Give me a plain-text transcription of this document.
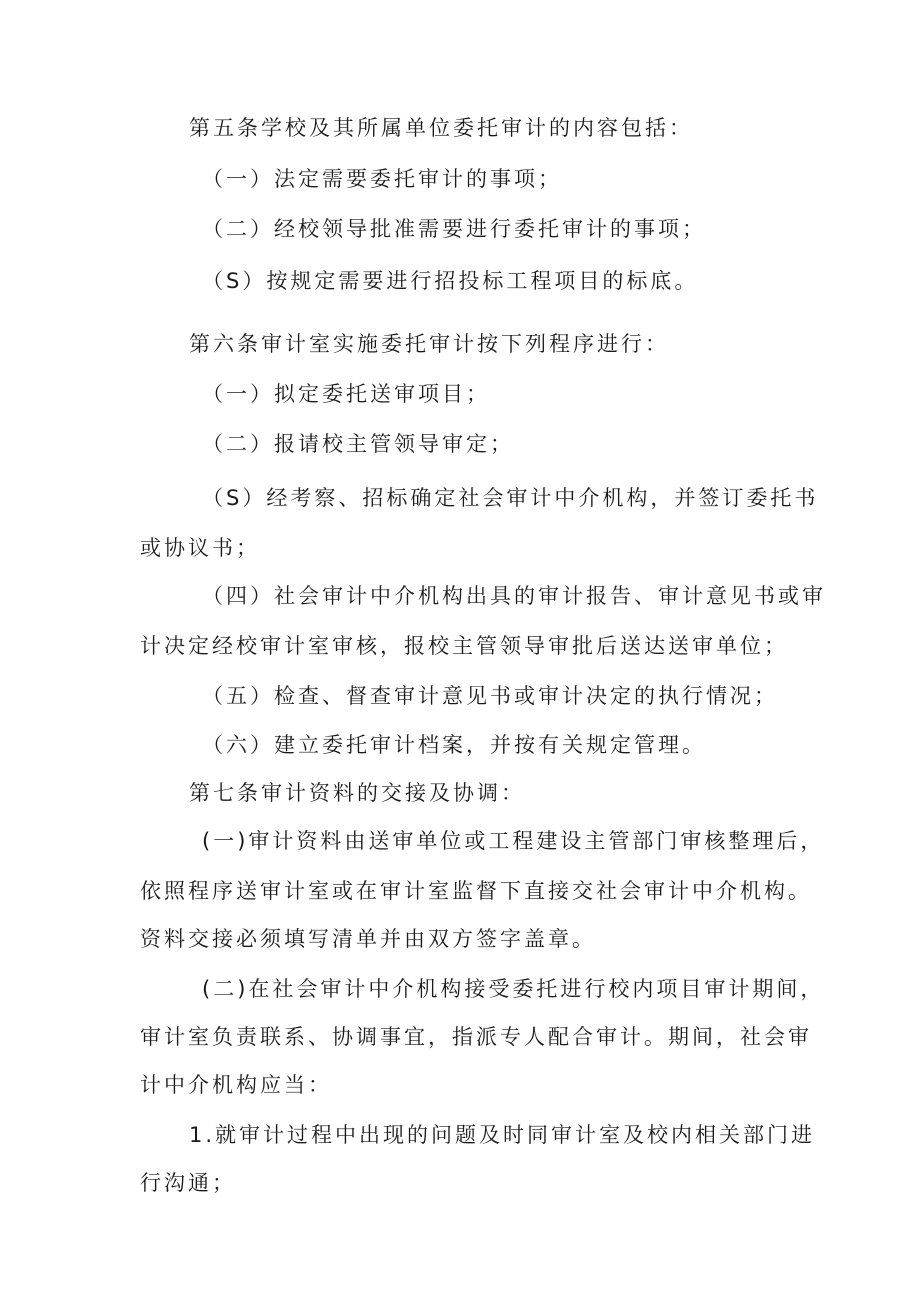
第五条学校及其所属单位委托审计的内容包括：
（一）法定需要委托审计的事项；
（二）经校领导批准需要进行委托审计的事项；
（S）按规定需要进行招投标工程项目的标底。
第六条审计室实施委托审计按下列程序进行：
（一）拟定委托送审项目；
（二）报请校主管领导审定；
（S）经考察、招标确定社会审计中介机构，并签订委托书
或协议书；
（四）社会审计中介机构出具的审计报告、审计意见书或审
计决定经校审计室审核，报校主管领导审批后送达送审单位；
（五）检查、督查审计意见书或审计决定的执行情况；
（六）建立委托审计档案，并按有关规定管理。
第七条审计资料的交接及协调：
(一)审计资料由送审单位或工程建设主管部门审核整理后，
依照程序送审计室或在审计室监督下直接交社会审计中介机构。
资料交接必须填写清单并由双方签字盖章。
(二)在社会审计中介机构接受委托进行校内项目审计期间，
审计室负责联系、协调事宜，指派专人配合审计。期间，社会审
计中介机构应当：
1.就审计过程中出现的问题及时同审计室及校内相关部门进
行沟通；
